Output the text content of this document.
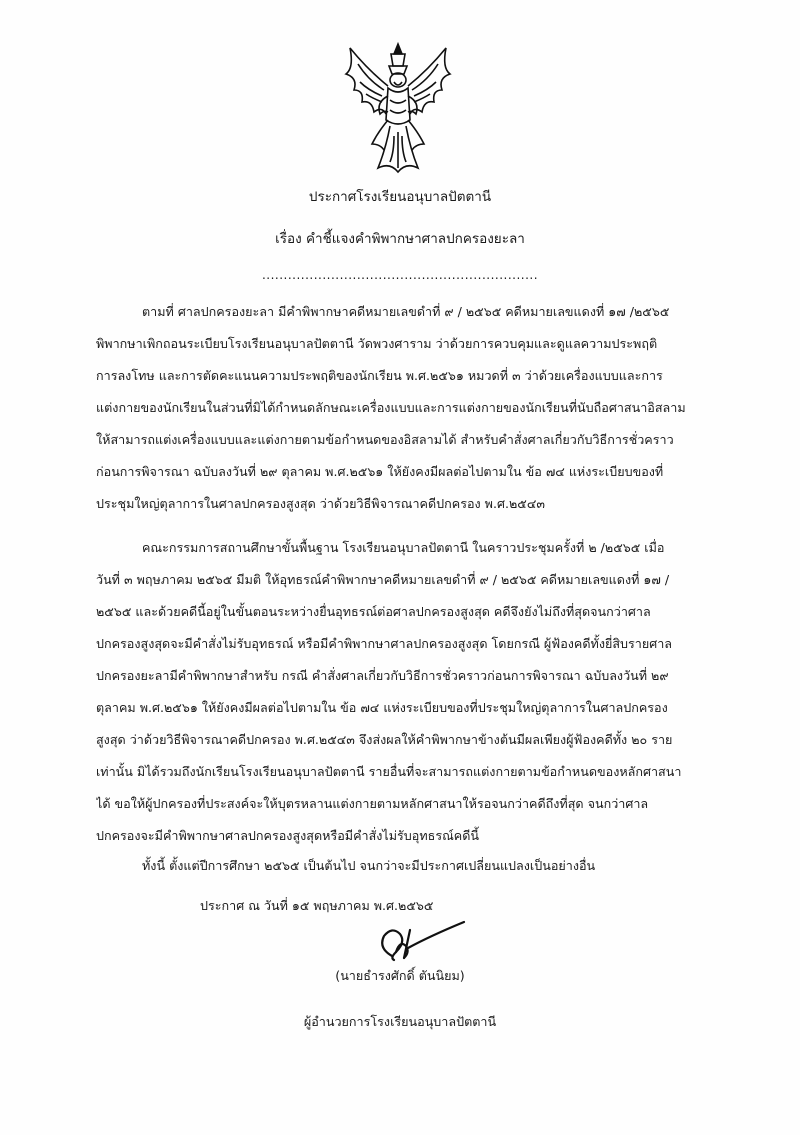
ประกาศโรงเรียนอนุบาลปัตตานี
เรื่อง คำชี้แจงคำพิพากษาศาลปกครองยะลา
................................................................
ตามที่ ศาลปกครองยะลา มีคำพิพากษาคดีหมายเลขดำที่ ๙ / ๒๕๖๕ คดีหมายเลขแดงที่ ๑๗ /๒๕๖๕
พิพากษาเพิกถอนระเบียบโรงเรียนอนุบาลปัตตานี วัดพวงศาราม ว่าด้วยการควบคุมและดูแลความประพฤติ
การลงโทษ และการตัดคะแนนความประพฤติของนักเรียน พ.ศ.๒๕๖๑ หมวดที่ ๓ ว่าด้วยเครื่องแบบและการ
แต่งกายของนักเรียนในส่วนที่มิได้กำหนดลักษณะเครื่องแบบและการแต่งกายของนักเรียนที่นับถือศาสนาอิสลาม
ให้สามารถแต่งเครื่องแบบและแต่งกายตามข้อกำหนดของอิสลามได้ สำหรับคำสั่งศาลเกี่ยวกับวิธีการชั่วคราว
ก่อนการพิจารณา ฉบับลงวันที่ ๒๙ ตุลาคม พ.ศ.๒๕๖๑ ให้ยังคงมีผลต่อไปตามใน ข้อ ๗๔ แห่งระเบียบของที่
ประชุมใหญ่ตุลาการในศาลปกครองสูงสุด ว่าด้วยวิธีพิจารณาคดีปกครอง พ.ศ.๒๕๔๓
คณะกรรมการสถานศึกษาขั้นพื้นฐาน โรงเรียนอนุบาลปัตตานี ในคราวประชุมครั้งที่ ๒ /๒๕๖๕ เมื่อ
วันที่ ๓ พฤษภาคม ๒๕๖๕ มีมติ ให้อุทธรณ์คำพิพากษาคดีหมายเลขดำที่ ๙ / ๒๕๖๕ คดีหมายเลขแดงที่ ๑๗ /
๒๕๖๕ และด้วยคดีนี้อยู่ในขั้นตอนระหว่างยื่นอุทธรณ์ต่อศาลปกครองสูงสุด คดีจึงยังไม่ถึงที่สุดจนกว่าศาล
ปกครองสูงสุดจะมีคำสั่งไม่รับอุทธรณ์ หรือมีคำพิพากษาศาลปกครองสูงสุด โดยกรณี ผู้ฟ้องคดีทั้งยี่สิบรายศาล
ปกครองยะลามีคำพิพากษาสำหรับ กรณี คำสั่งศาลเกี่ยวกับวิธีการชั่วคราวก่อนการพิจารณา ฉบับลงวันที่ ๒๙
ตุลาคม พ.ศ.๒๕๖๑ ให้ยังคงมีผลต่อไปตามใน ข้อ ๗๔ แห่งระเบียบของที่ประชุมใหญ่ตุลาการในศาลปกครอง
สูงสุด ว่าด้วยวิธีพิจารณาคดีปกครอง พ.ศ.๒๕๔๓ จึงส่งผลให้คำพิพากษาข้างต้นมีผลเพียงผู้ฟ้องคดีทั้ง ๒๐ ราย
เท่านั้น มิได้รวมถึงนักเรียนโรงเรียนอนุบาลปัตตานี รายอื่นที่จะสามารถแต่งกายตามข้อกำหนดของหลักศาสนา
ได้ ขอให้ผู้ปกครองที่ประสงค์จะให้บุตรหลานแต่งกายตามหลักศาสนาให้รอจนกว่าคดีถึงที่สุด จนกว่าศาล
ปกครองจะมีคำพิพากษาศาลปกครองสูงสุดหรือมีคำสั่งไม่รับอุทธรณ์คดีนี้
ทั้งนี้ ตั้งแต่ปีการศึกษา ๒๕๖๕ เป็นต้นไป จนกว่าจะมีประกาศเปลี่ยนแปลงเป็นอย่างอื่น
ประกาศ ณ วันที่ ๑๕ พฤษภาคม พ.ศ.๒๕๖๕
(นายธำรงศักดิ์ ตันนิยม)
ผู้อำนวยการโรงเรียนอนุบาลปัตตานี
